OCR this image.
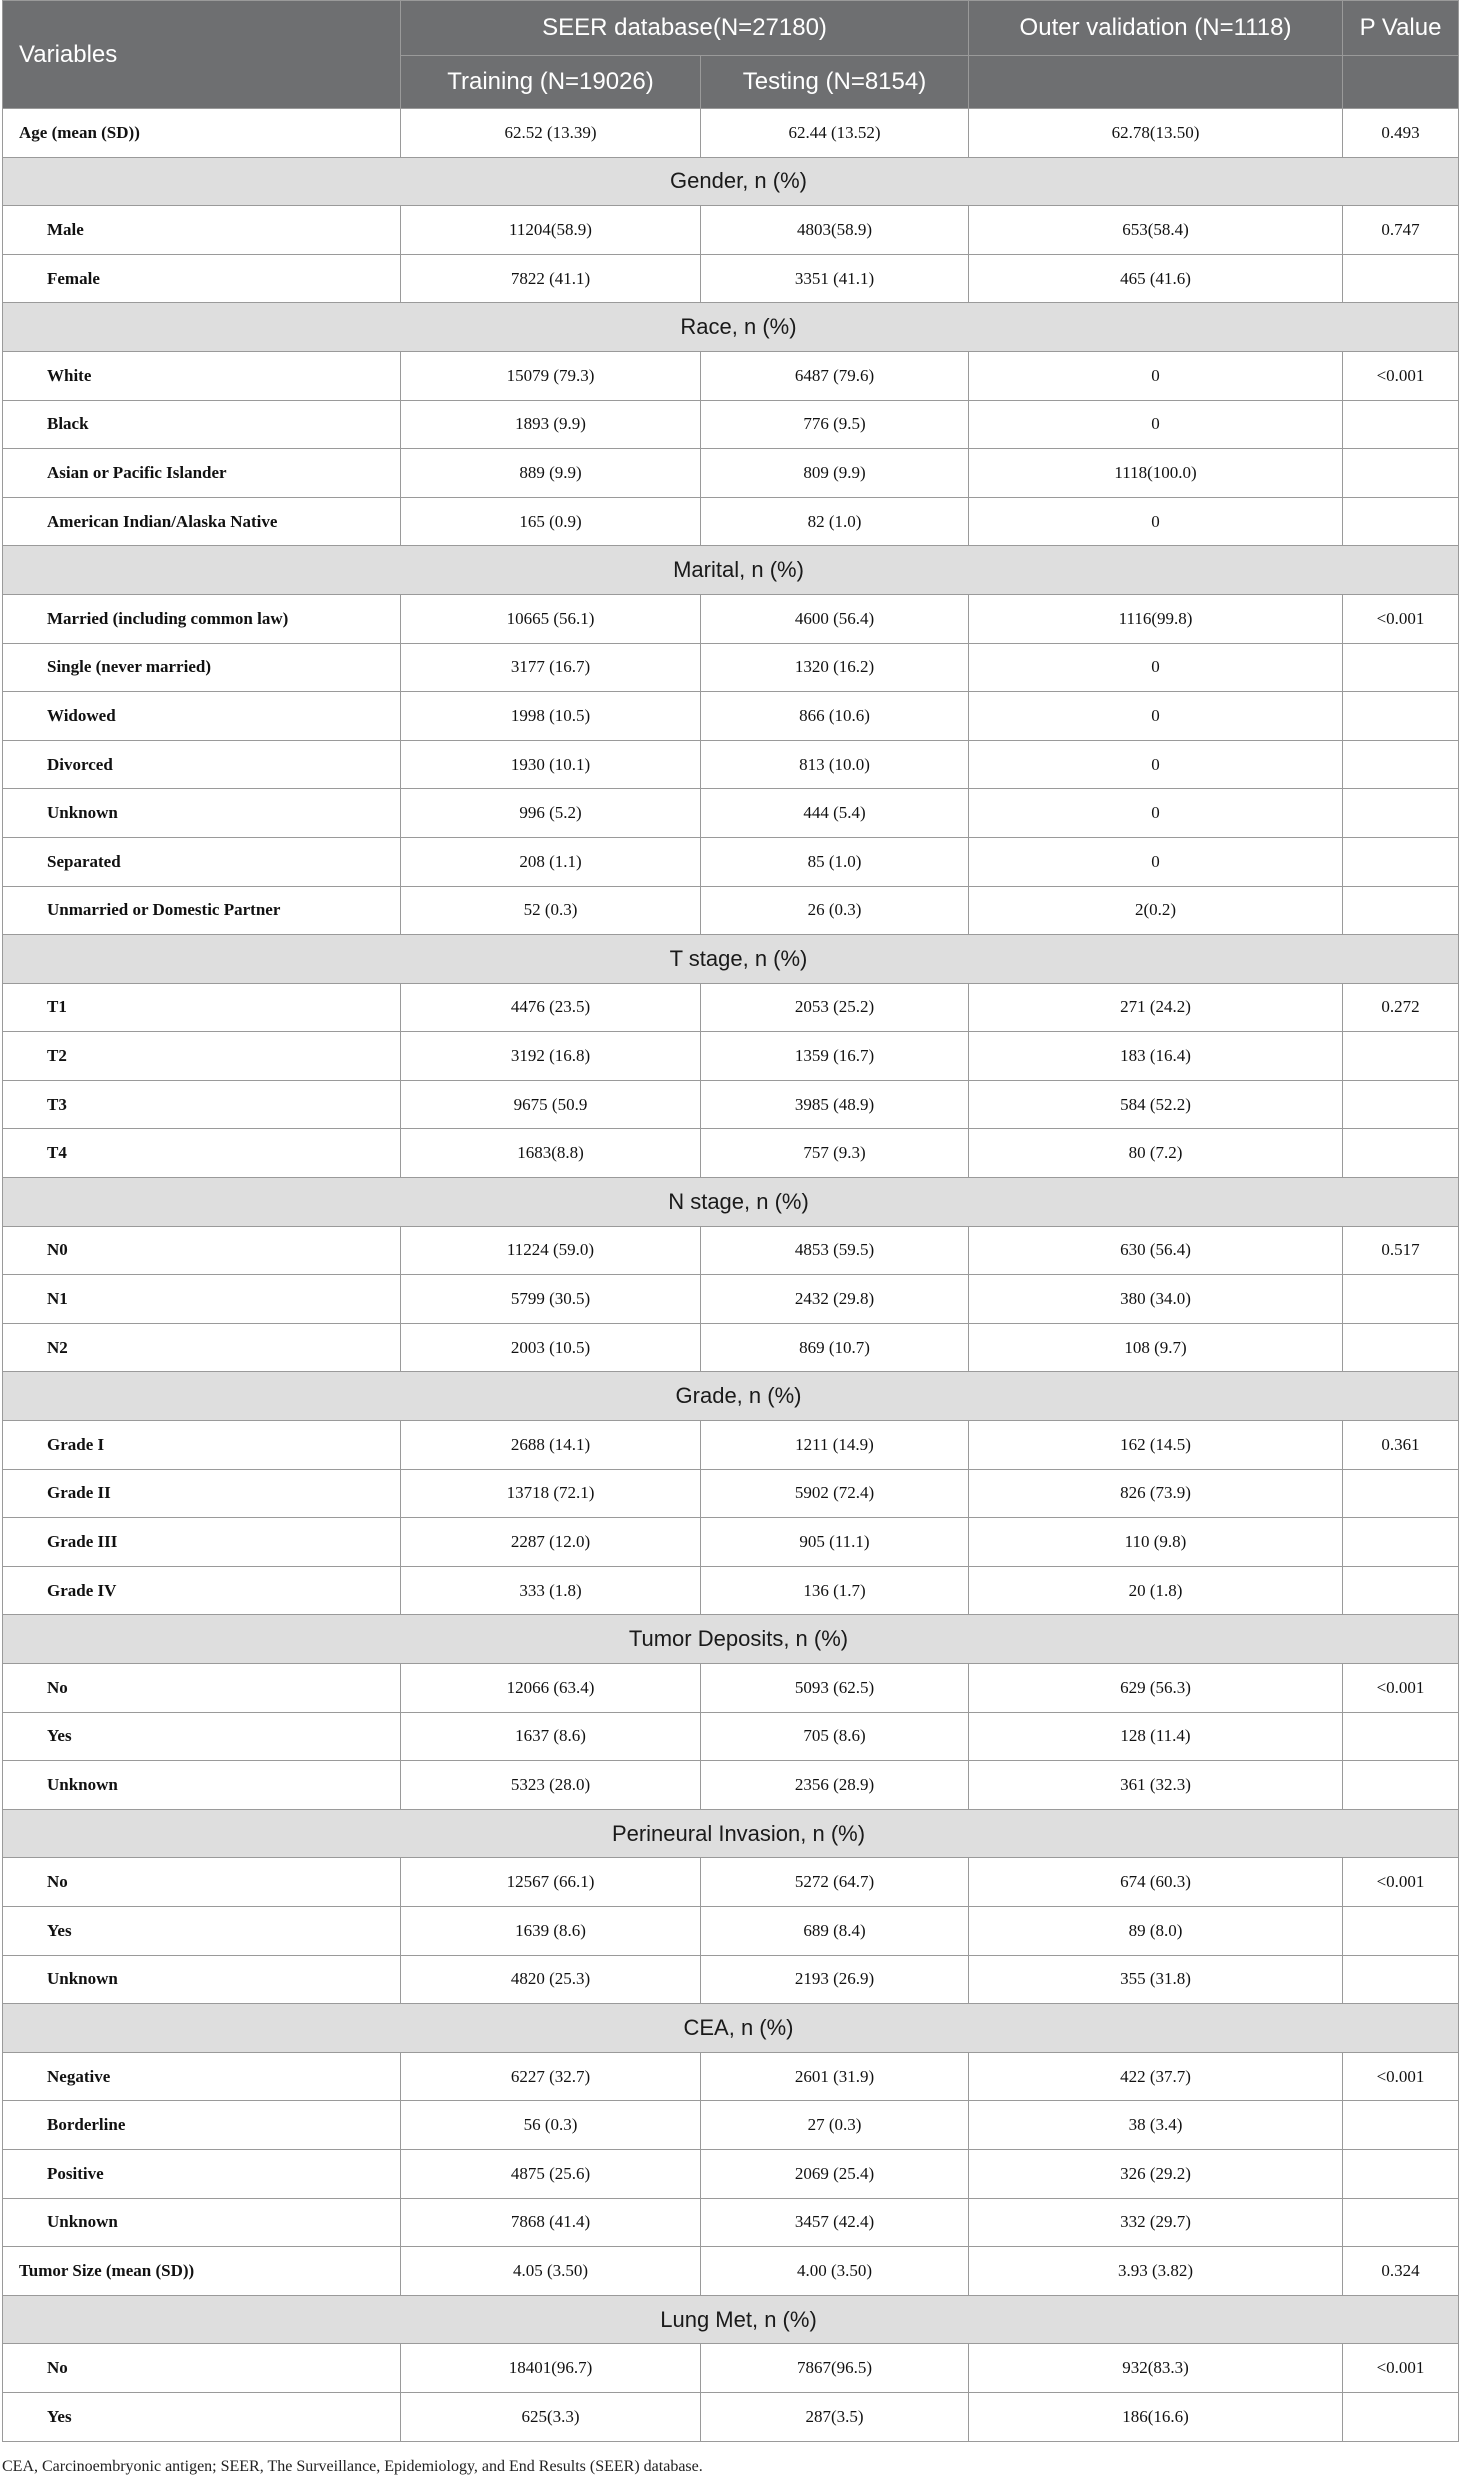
Variables	SEER database(N=27180)		Outer validation (N=1118)	P Value
	Training (N=19026)	Testing (N=8154)		
Age (mean (SD))	62.52 (13.39)	62.44 (13.52)	62.78(13.50)	0.493
Gender, n (%)				
Male	11204(58.9)	4803(58.9)	653(58.4)	0.747
Female	7822 (41.1)	3351 (41.1)	465 (41.6)	
Race, n (%)				
White	15079 (79.3)	6487 (79.6)	0	<0.001
Black	1893 (9.9)	776 (9.5)	0	
Asian or Pacific Islander	889 (9.9)	809 (9.9)	1118(100.0)	
American Indian/Alaska Native	165 (0.9)	82 (1.0)	0	
Marital, n (%)				
Married (including common law)	10665 (56.1)	4600 (56.4)	1116(99.8)	<0.001
Single (never married)	3177 (16.7)	1320 (16.2)	0	
Widowed	1998 (10.5)	866 (10.6)	0	
Divorced	1930 (10.1)	813 (10.0)	0	
Unknown	996 (5.2)	444 (5.4)	0	
Separated	208 (1.1)	85 (1.0)	0	
Unmarried or Domestic Partner	52 (0.3)	26 (0.3)	2(0.2)	
T stage, n (%)				
T1	4476 (23.5)	2053 (25.2)	271 (24.2)	0.272
T2	3192 (16.8)	1359 (16.7)	183 (16.4)	
T3	9675 (50.9	3985 (48.9)	584 (52.2)	
T4	1683(8.8)	757 (9.3)	80 (7.2)	
N stage, n (%)				
N0	11224 (59.0)	4853 (59.5)	630 (56.4)	0.517
N1	5799 (30.5)	2432 (29.8)	380 (34.0)	
N2	2003 (10.5)	869 (10.7)	108 (9.7)	
Grade, n (%)				
Grade I	2688 (14.1)	1211 (14.9)	162 (14.5)	0.361
Grade II	13718 (72.1)	5902 (72.4)	826 (73.9)	
Grade III	2287 (12.0)	905 (11.1)	110 (9.8)	
Grade IV	333 (1.8)	136 (1.7)	20 (1.8)	
Tumor Deposits, n (%)				
No	12066 (63.4)	5093 (62.5)	629 (56.3)	<0.001
Yes	1637 (8.6)	705 (8.6)	128 (11.4)	
Unknown	5323 (28.0)	2356 (28.9)	361 (32.3)	
Perineural Invasion, n (%)				
No	12567 (66.1)	5272 (64.7)	674 (60.3)	<0.001
Yes	1639 (8.6)	689 (8.4)	89 (8.0)	
Unknown	4820 (25.3)	2193 (26.9)	355 (31.8)	
CEA, n (%)				
Negative	6227 (32.7)	2601 (31.9)	422 (37.7)	<0.001
Borderline	56 (0.3)	27 (0.3)	38 (3.4)	
Positive	4875 (25.6)	2069 (25.4)	326 (29.2)	
Unknown	7868 (41.4)	3457 (42.4)	332 (29.7)	
Tumor Size (mean (SD))	4.05 (3.50)	4.00 (3.50)	3.93 (3.82)	0.324
Lung Met, n (%)				
No	18401(96.7)	7867(96.5)	932(83.3)	<0.001
Yes	625(3.3)	287(3.5)	186(16.6)	
CEA, Carcinoembryonic antigen; SEER, The Surveillance, Epidemiology, and End Results (SEER) database.
